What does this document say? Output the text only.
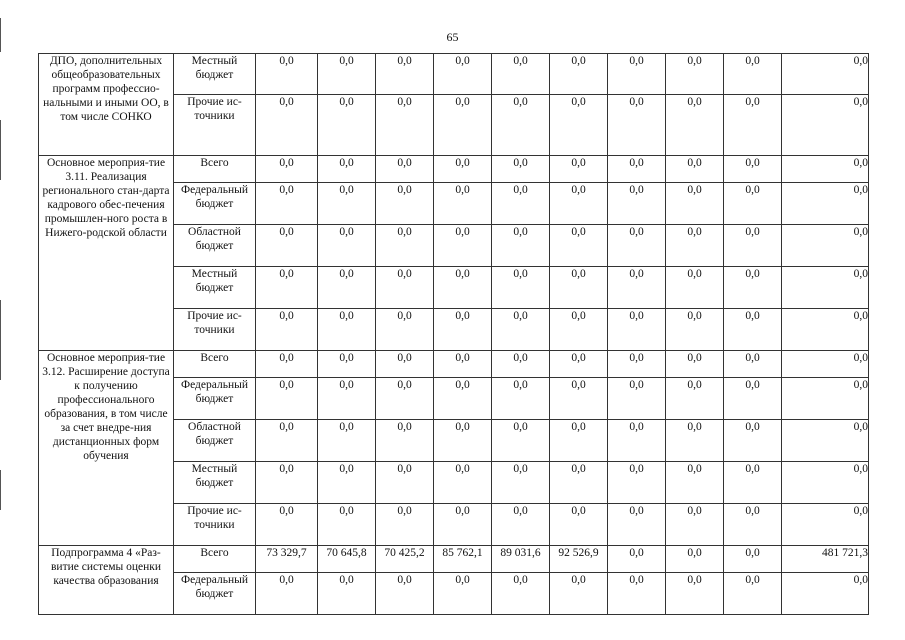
65
ДПО, дополнительных общеобразовательных программ профессио-нальными и иными ОО, в том числе СОНКО	Местный бюджет	0,0	0,0	0,0	0,0	0,0	0,0	0,0	0,0	0,0	0,0
	Прочие ис-точники	0,0	0,0	0,0	0,0	0,0	0,0	0,0	0,0	0,0	0,0
Основное мероприя-тие 3.11. Реализация регионального стан-дарта кадрового обес-печения промышлен-ного роста в Нижего-родской области	Всего	0,0	0,0	0,0	0,0	0,0	0,0	0,0	0,0	0,0	0,0
	Федеральный бюджет	0,0	0,0	0,0	0,0	0,0	0,0	0,0	0,0	0,0	0,0
	Областной бюджет	0,0	0,0	0,0	0,0	0,0	0,0	0,0	0,0	0,0	0,0
	Местный бюджет	0,0	0,0	0,0	0,0	0,0	0,0	0,0	0,0	0,0	0,0
	Прочие ис-точники	0,0	0,0	0,0	0,0	0,0	0,0	0,0	0,0	0,0	0,0
Основное мероприя-тие 3.12. Расширение доступа к получению профессионального образования, в том числе за счет внедре-ния дистанционных форм обучения	Всего	0,0	0,0	0,0	0,0	0,0	0,0	0,0	0,0	0,0	0,0
	Федеральный бюджет	0,0	0,0	0,0	0,0	0,0	0,0	0,0	0,0	0,0	0,0
	Областной бюджет	0,0	0,0	0,0	0,0	0,0	0,0	0,0	0,0	0,0	0,0
	Местный бюджет	0,0	0,0	0,0	0,0	0,0	0,0	0,0	0,0	0,0	0,0
	Прочие ис-точники	0,0	0,0	0,0	0,0	0,0	0,0	0,0	0,0	0,0	0,0
Подпрограмма 4 «Раз-витие системы оценки качества образования	Всего	73 329,7	70 645,8	70 425,2	85 762,1	89 031,6	92 526,9	0,0	0,0	0,0	481 721,3
	Федеральный бюджет	0,0	0,0	0,0	0,0	0,0	0,0	0,0	0,0	0,0	0,0
